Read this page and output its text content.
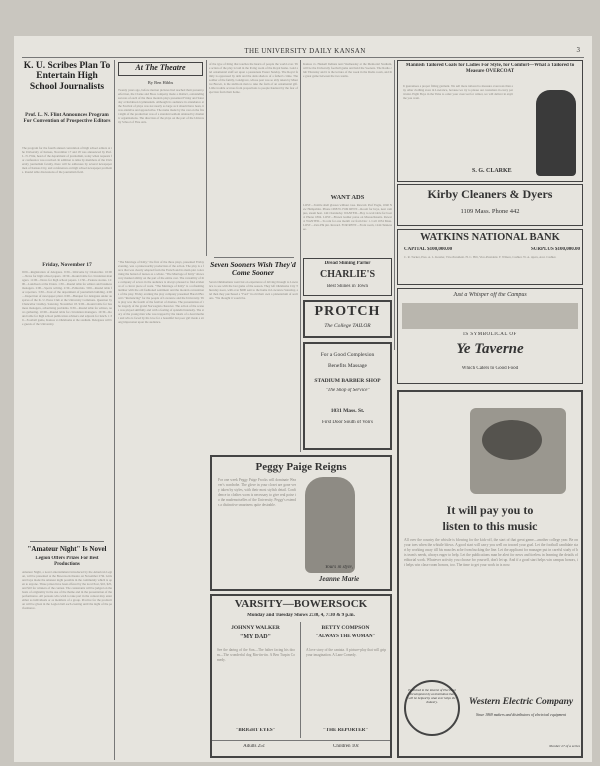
THE UNIVERSITY DAILY KANSAN	3
K. U. Scribes Plan To Entertain High School Journalists
Prof. L. N. Flint Announces Program For Convention of Prospective Editors
The program for the fourth annual convention of high school editors at the University of Kansas, November 17 and 18 was announced by Prof. L. N. Flint, head of the department of journalism, today when requests for conference was received. In addition to talks by members of the University journalism faculty, there will be addresses by several newspaper men of Kansas City, and conferences on high school newspaper problems. Round table discussions of the journalism field.
Friday, November 17
9:00—Registration of delegates. 9:30—Welcome by Chancellor. 10:00—News for high school papers. 10:30—Round table for circulation managers. 11:00—News for high school papers. 11:30—Feature stories. 12:00—Luncheon at the Union. 1:30—Round table for editors and business managers. 2:00—Sports writing. 2:30—Editorials. 3:00—Round table for reporters. 3:30—Tour of the department of journalism building. 4:00—Inspection of newspaper plant. 6:00—Banquet for delegates under auspices of the K. U. Press Club at the University Commons. Question by Chancellor Lindley. Saturday, November 18. 9:00—Round table for business managers, advertising problems. 9:30—Round table for editors, news gathering. 10:00—Round table for circulation managers. 10:30—Round table for high school publication advisers and adjourn for lunch. 1:30—Football game, Kansas vs Oklahoma at the stadium. Delegates will be guests of the University.
"Amateur Night" Is Novel
Legion Offers Prizes For Best Productions
Amateur Night, a novel entertainment introduced by the American Legion, will be presented at the Bowersock theatre on November 27th. Girls and boys made the amateur night possible in the community which is open to anyone. Three prizes have been offered by the local Post, $10, $25, and $10 for winners of the contest. The contestants will be judged on the basis of originality in the use of the theme and in the presentation of the performance. All persons who wish to take part in the contest may enter either as individuals or as members of a group. Practice for the production will be given in the Legion hall each evening until the night of the performance.
At The Theatre
By Ben Hibbs
Twenty years ago, before motion pictures had reached their present perfection, the Clarke and Boas company made a distinct, outstanding success of each of the three modern plays presented Friday and Saturday at Robinson Gymnasium. Although its audience in attendance at the Festival of plays was not nearly as large as it should have been, it was attentive and appreciative. The name made by the cast on the first night of the production was of a standard seldom attained by dramatic organizations. The direction of the plays on the part of the University School of Fine Arts.
"The Marriage of Kitty," the first of the three plays, presented Friday evening, was a praiseworthy production of the action. The play is a farce that was clearly adapted from the French and its main plot concerning the hatred of nurses as a whole. "The Marriage of Kitty" shows very marked ability on the part of the entire cast. The versatility of the company of actors in the audience is always pleased to find evidence of a clever piece of work. "The Marriage of Kitty" is a refreshing number with the old fashioned sentiment and the modern conventions of the play. Friday evening the play company presented Harold Brown's "Romancing" for the people of Lawrence and the University. This play was the fourth of the festival of dramas. The presentation of the tragedy of the grand Norwegian character. The action of the scenes was played skillfully and with a feeling of splendid intensity. The story of the young man who was trapped by the ideals of a dead mother and who is faced by his love for a beautiful but poor girl made a strong impression upon the audience.
of the type of thing that touches the hearts of people the world over. The action of the play is laid in the living room of the Royal home. Gold and ornamental stuff set upon a passionate Easter Sunday. The Royal family is oppressed by debt and the dark shadow of a father's crime. The soldier of the family, Landgrave, whose past was so ably taken by Maurice Brown, is the stubborn man to take the form of an ornamental gift. Little trouble accrues from proportions to people haunted by the fear of ejection from their home.
Seven Sooners Wish They'd Come Sooner
Seven Oklahomans went but on experience of driving through to Lawrence to see with the last game of the season. They left Oklahoma City Thursday noon, with over $600 sent to the home in Lawrence Saturday, and then they purchased a "Ford" in old their own a planetarium of sections. "We thought it would be.
Kansas vs. Haskell Indians next Wednesday at the Memorial Stadium, will be the University football game and hold the Sooners. The Radio club Thursday and it is the lecture of the week in the Radio room, and the great game between the two teams.
WANT ADS
LOST—Textile shell glasses without case. Reward. Prof Eagle, 1040 New Hampshire. Phone 1098 W. FOR RENT—Room for boys, near campus, steam heat. 1421 Kentucky. WANTED—Boy to wait table for board. Phone 1804. LOST—Brown leather purse on Massachusetts. Reward. WANTED—To rent for one month car from Dec 1. Call 1034 Mass. LOST—Zeta Phi pin. Reward. FOR RENT—Front room, 1244 Tennessee.
Mannish Tailored Coats for Ladies For Style, for Comfort—What a Tailored to Measure OVERCOAT
It guarantees a proper fitting garment. We sell more tailored to measure overcoats than any other clothing store in Lawrence, because we try to please our customers in every particular. Eight Boys in the Time to order your overcoat for winter, we will deliver in anytime you want.
S. G. CLARKE
Kirby Cleaners & Dyers
1109 Mass. Phone 442
WATKINS NATIONAL BANK
CAPITAL $100,000.00	SURPLUS $100,000.00
C. R. Tucker, Pres. A. L. Kessler, Vice-President. H. C. Hilt, Vice-President. F. Wilson, Cashier. W. A. Ayers, Asst. Cashier.
Dread Shining Parlor
CHARLIE'S
Best Shines in Town
PROTCH
The College TAILOR
For a Good Complexion
Benefits Massage
STADIUM BARBER SHOP
"The Shop of Service"
1031 Mass. St.
First Door South of Von's
Just a Whisper off the Campus
IS SYMBOLICAL OF
Ye Taverne
Which Caters to Good Food
Peggy Paige Reigns
For one week Peggy Paige Frocks will dominate Weaver's wardrobe. The glove in your closet are gone very taken by styles, with their most stylish detail. Confidence in clothes worn is necessary to give real poise to the mademoiselles of the University. Peggy's extends a distinctive smartness quite desirable.
Yours in style,
Jeanne Marie
VARSITY—BOWERSOCK
Monday and Tuesday Shows 2:30, 4, 7:30 & 9 p.m.
JOHNNY WALKER
"MY DAD"
See the daring of the Son—The father facing his doom—The wonderful dog Rin-tin-tin. A Ben Turpin Comedy.
"BRIGHT EYES"
BETTY COMPSON
"ALWAYS THE WOMAN"
A love story of the cantata. A picture-play that will grip your imagination. A Lane Comedy.
"THE REPORTER"
Adults 25c	Children 10c
It will pay you to
listen to this music
All over the country the whistle is blowing for the kick-off, the start of that great game—another college year. Be on your toes when the whistle blows. A good start will carry you well on toward your goal. Let the football candidate start by working away till his muscles ache from bucking the line. Let the applicant for manager put in careful study of his team's needs, always eager to help. Let the publications man be alert for news and tireless in learning the details of editorial work. Whatever activity you choose for yourself, don't let up. And if a good start helps win campus honors, it helps win class-room honors, too. The time to get your work in is now.
Published in the interest of Electrical Development by an Institution that will be helped by what ever helps the Industry.	Western Electric Company
Since 1869 makers and distributors of electrical equipment
Number 27 of a series
